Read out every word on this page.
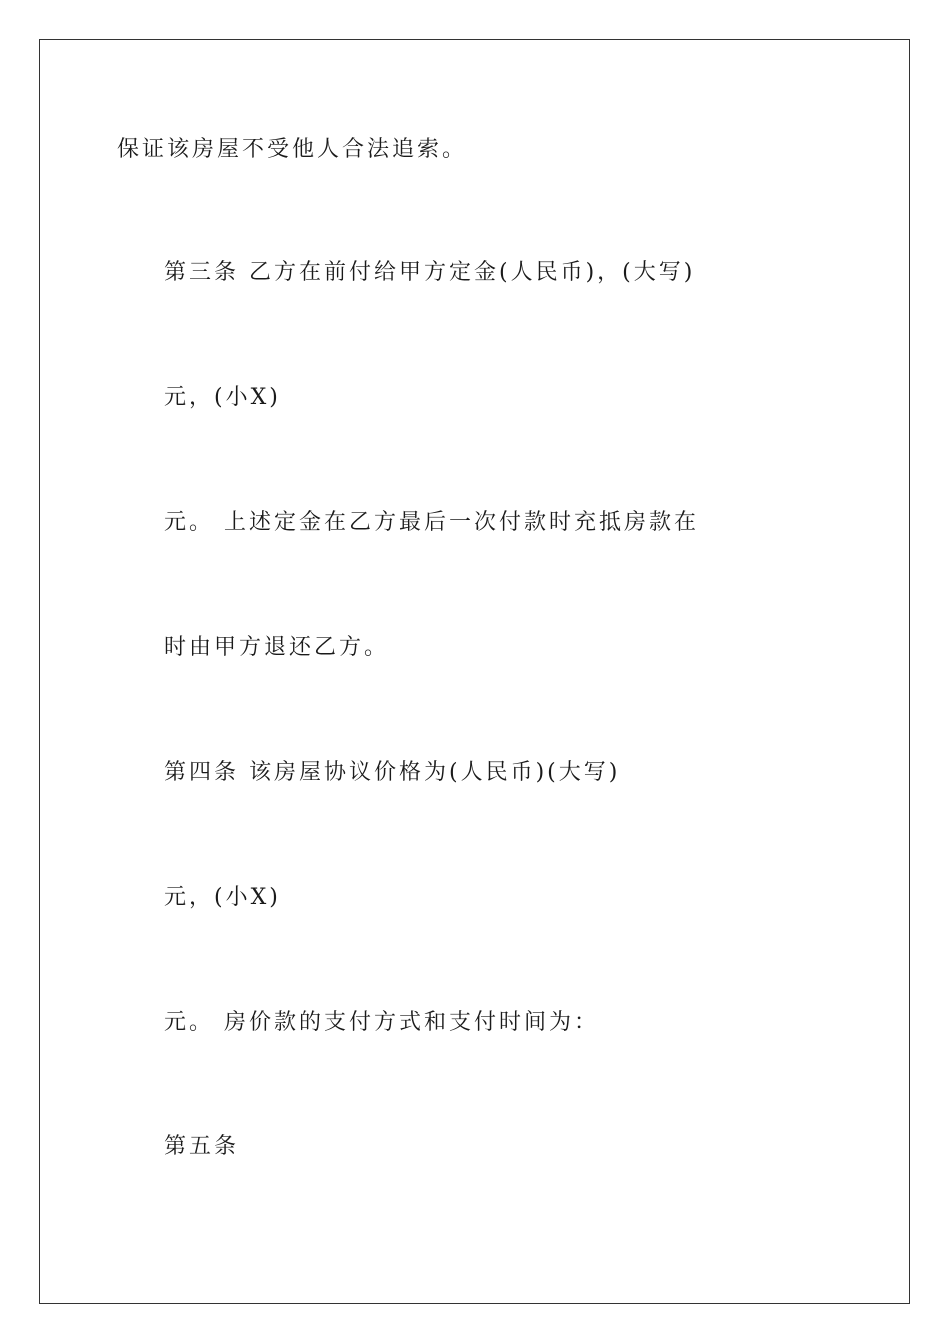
保证该房屋不受他人合法追索。
第三条 乙方在前付给甲方定金(人民币)，(大写)
元，(小X)
元。 上述定金在乙方最后一次付款时充抵房款在
时由甲方退还乙方。
第四条 该房屋协议价格为(人民币)(大写)
元，(小X)
元。 房价款的支付方式和支付时间为：
第五条
